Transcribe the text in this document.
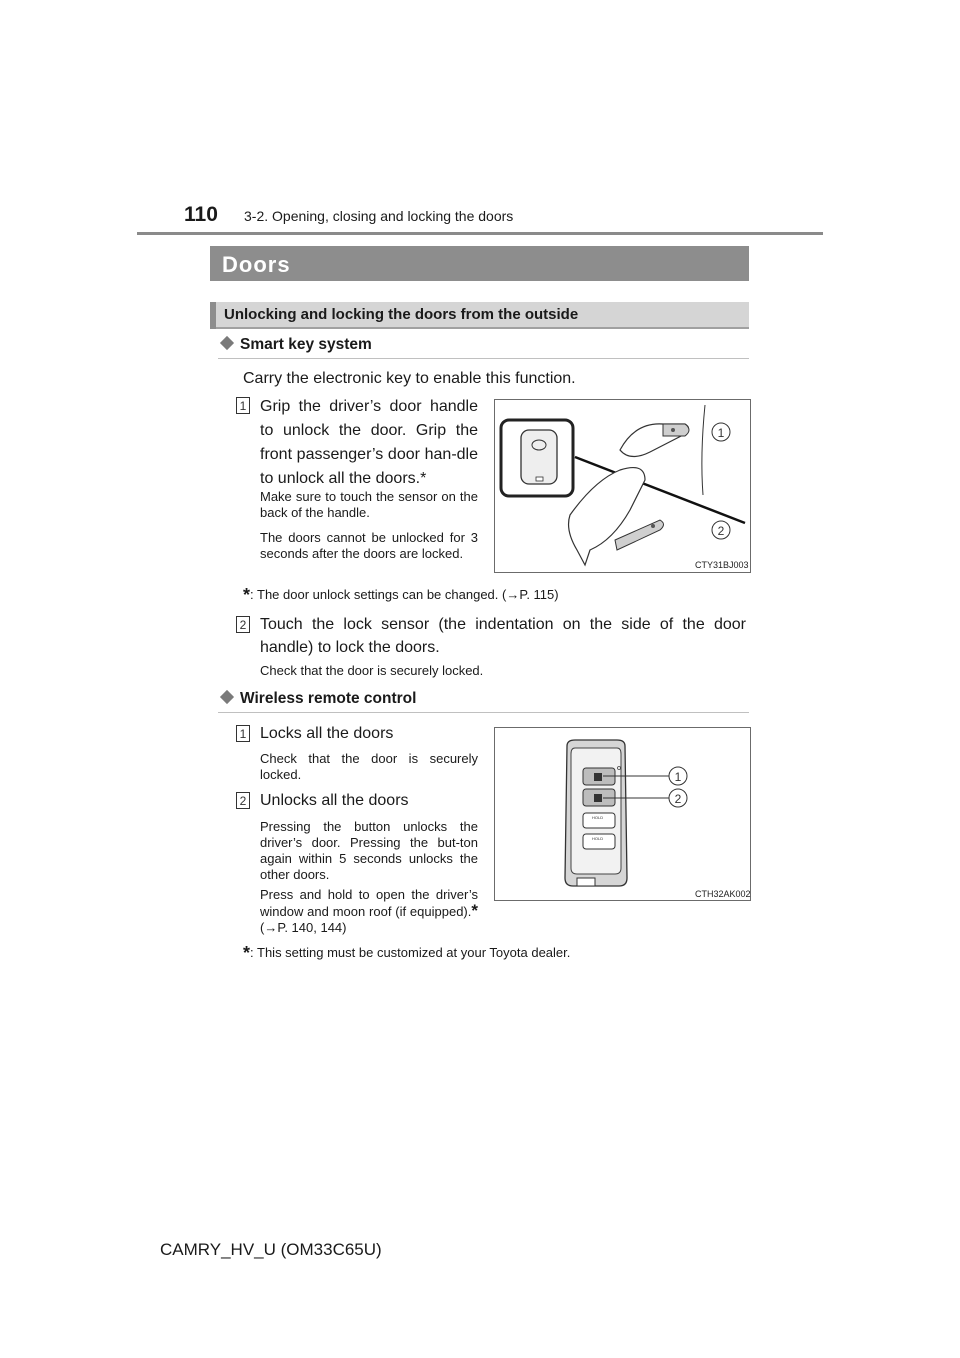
110 3-2. Opening, closing and locking the doors
Doors
Unlocking and locking the doors from the outside
Smart key system
Carry the electronic key to enable this function.
1 Grip the driver’s door handle to unlock the door. Grip the front passenger’s door han-dle to unlock all the doors.*
Make sure to touch the sensor on the back of the handle.
The doors cannot be unlocked for 3 seconds after the doors are locked.
1
2
CTY31BJ003
*: The door unlock settings can be changed. (→P. 115)
2 Touch the lock sensor (the indentation on the side of the door handle) to lock the doors.
Check that the door is securely locked.
Wireless remote control
1 Locks all the doors
Check that the door is securely locked.
2 Unlocks all the doors
Pressing the button unlocks the driver’s door. Pressing the but-ton again within 5 seconds unlocks the other doors.
Press and hold to open the driver’s window and moon roof (if equipped).* (→P. 140, 144)
HOLD
HOLD
1
2
CTH32AK002
*: This setting must be customized at your Toyota dealer.
CAMRY_HV_U (OM33C65U)
